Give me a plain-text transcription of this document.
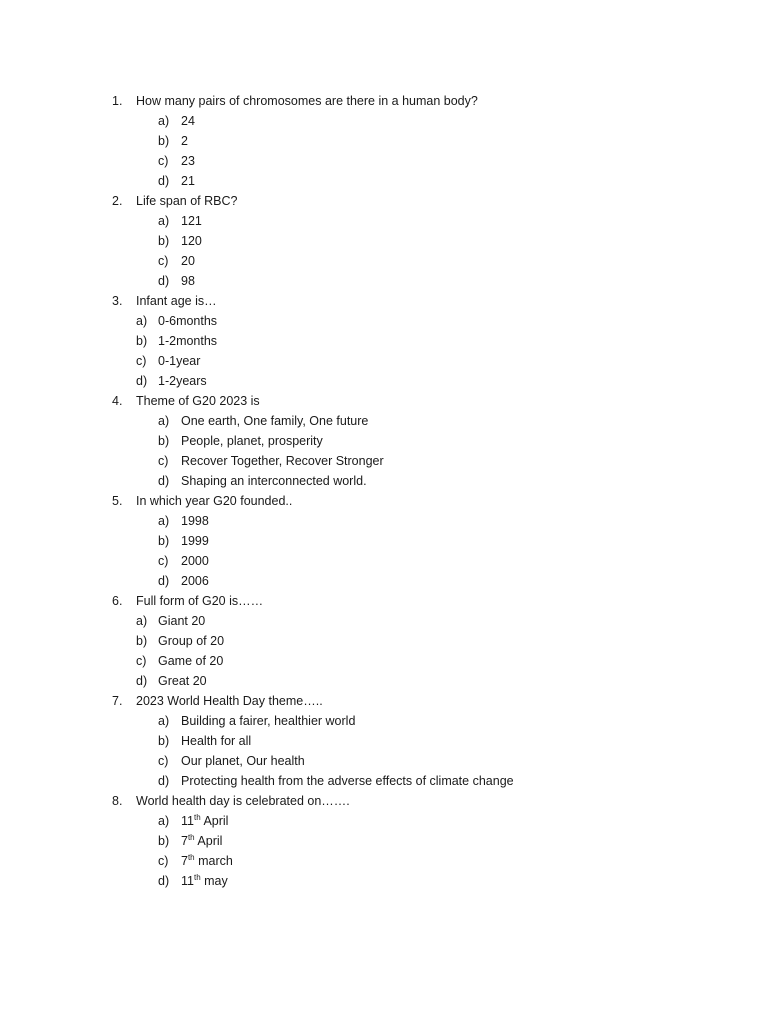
1. How many pairs of chromosomes are there in a human body?
a) 24
b) 2
c) 23
d) 21
2. Life span of RBC?
a) 121
b) 120
c) 20
d) 98
3. Infant age is…
a) 0-6months
b) 1-2months
c) 0-1year
d) 1-2years
4. Theme of G20 2023 is
a) One earth, One family, One future
b) People, planet, prosperity
c) Recover Together, Recover Stronger
d) Shaping an interconnected world.
5. In which year G20 founded..
a) 1998
b) 1999
c) 2000
d) 2006
6. Full form of G20 is……
a) Giant 20
b) Group of 20
c) Game of 20
d) Great 20
7. 2023 World Health Day theme…..
a) Building a fairer, healthier world
b) Health for all
c) Our planet, Our health
d) Protecting health from the adverse effects of climate change
8. World health day is celebrated on…….
a) 11th April
b) 7th April
c) 7th march
d) 11th may
